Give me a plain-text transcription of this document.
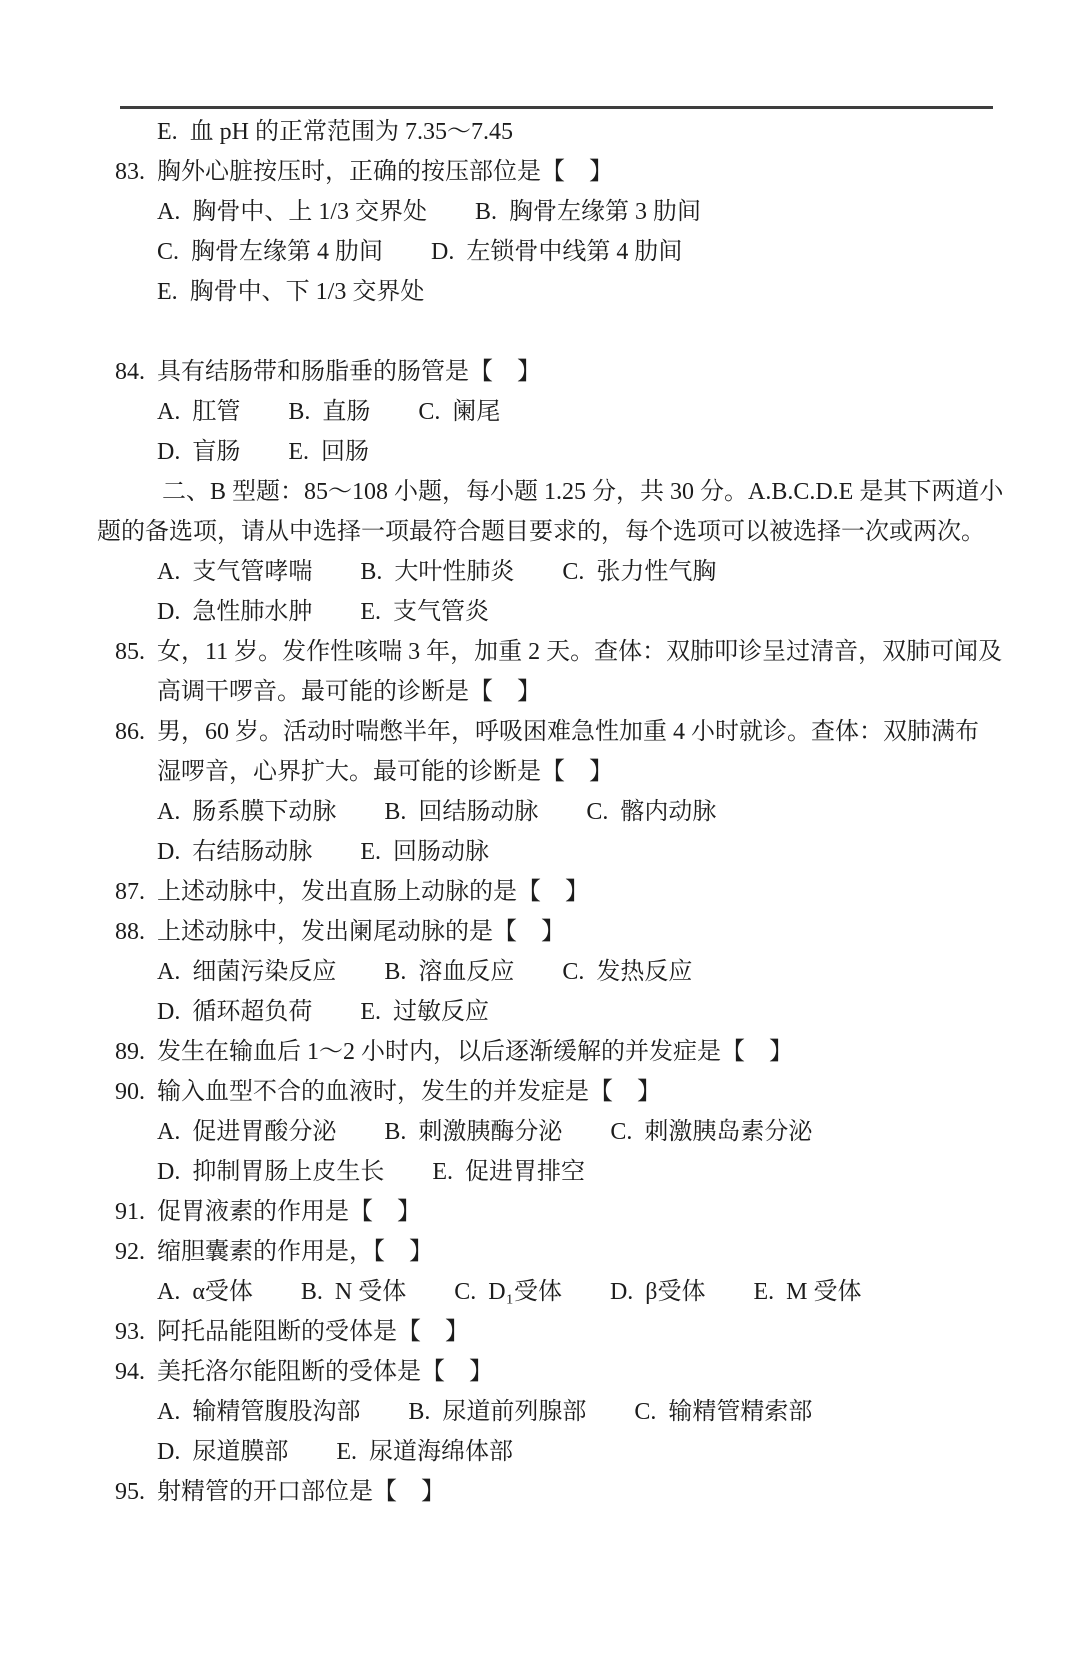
E.  血 pH 的正常范围为 7.35～7.45
83.  胸外心脏按压时，正确的按压部位是【　】
A.  胸骨中、上 1/3 交界处 B.  胸骨左缘第 3 肋间
C.  胸骨左缘第 4 肋间 D.  左锁骨中线第 4 肋间
E.  胸骨中、下 1/3 交界处
84.  具有结肠带和肠脂垂的肠管是【　】
A.  肛管 B.  直肠 C.  阑尾
D.  盲肠 E.  回肠
二、B 型题：85～108 小题，每小题 1.25 分，共 30 分。A.B.C.D.E 是其下两道小
题的备选项，请从中选择一项最符合题目要求的，每个选项可以被选择一次或两次。
A.  支气管哮喘 B.  大叶性肺炎 C.  张力性气胸
D.  急性肺水肿 E.  支气管炎
85.  女，11 岁。发作性咳喘 3 年，加重 2 天。查体：双肺叩诊呈过清音，双肺可闻及
高调干啰音。最可能的诊断是【　】
86.  男，60 岁。活动时喘憋半年，呼吸困难急性加重 4 小时就诊。查体：双肺满布
湿啰音，心界扩大。最可能的诊断是【　】
A.  肠系膜下动脉 B.  回结肠动脉 C.  髂内动脉
D.  右结肠动脉 E.  回肠动脉
87.  上述动脉中，发出直肠上动脉的是【　】
88.  上述动脉中，发出阑尾动脉的是【　】
A.  细菌污染反应 B.  溶血反应 C.  发热反应
D.  循环超负荷 E.  过敏反应
89.  发生在输血后 1～2 小时内，以后逐渐缓解的并发症是【　】
90.  输入血型不合的血液时，发生的并发症是【　】
A.  促进胃酸分泌 B.  刺激胰酶分泌 C.  刺激胰岛素分泌
D.  抑制胃肠上皮生长 E.  促进胃排空
91.  促胃液素的作用是【　】
92.  缩胆囊素的作用是，【　】
A.  α受体 B.  N 受体 C.  D₁受体 D.  β受体 E.  M 受体
93.  阿托品能阻断的受体是【　】
94.  美托洛尔能阻断的受体是【　】
A.  输精管腹股沟部 B.  尿道前列腺部 C.  输精管精索部
D.  尿道膜部 E.  尿道海绵体部
95.  射精管的开口部位是【　】
